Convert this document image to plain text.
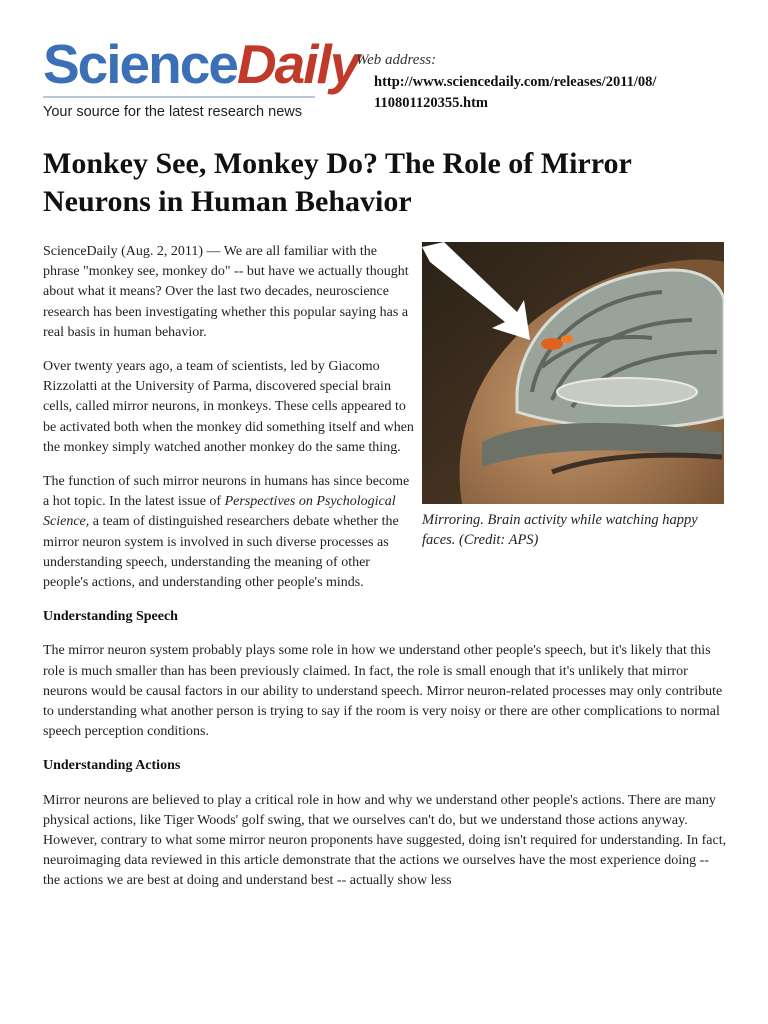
ScienceDaily
Your source for the latest research news
Web address:
http://www.sciencedaily.com/releases/2011/08/
110801120355.htm
Monkey See, Monkey Do? The Role of Mirror Neurons in Human Behavior
Mirroring. Brain activity while watching happy faces. (Credit: APS)

ScienceDaily (Aug. 2, 2011) — We are all familiar with the phrase "monkey see, monkey do" -- but have we actually thought about what it means? Over the last two decades, neuroscience research has been investigating whether this popular saying has a real basis in human behavior.

Over twenty years ago, a team of scientists, led by Giacomo Rizzolatti at the University of Parma, discovered special brain cells, called mirror neurons, in monkeys. These cells appeared to be activated both when the monkey did something itself and when the monkey simply watched another monkey do the same thing.

The function of such mirror neurons in humans has since become a hot topic. In the latest issue of Perspectives on Psychological Science, a team of distinguished researchers debate whether the mirror neuron system is involved in such diverse processes as understanding speech, understanding the meaning of other people's actions, and understanding other people's minds.

Understanding Speech

The mirror neuron system probably plays some role in how we understand other people's speech, but it's likely that this role is much smaller than has been previously claimed. In fact, the role is small enough that it's unlikely that mirror neurons would be causal factors in our ability to understand speech. Mirror neuron-related processes may only contribute to understanding what another person is trying to say if the room is very noisy or there are other complications to normal speech perception conditions.

Understanding Actions

Mirror neurons are believed to play a critical role in how and why we understand other people's actions. There are many physical actions, like Tiger Woods' golf swing, that we ourselves can't do, but we understand those actions anyway. However, contrary to what some mirror neuron proponents have suggested, doing isn't required for understanding. In fact, neuroimaging data reviewed in this article demonstrate that the actions we ourselves have the most experience doing -- the actions we are best at doing and understand best -- actually show less
